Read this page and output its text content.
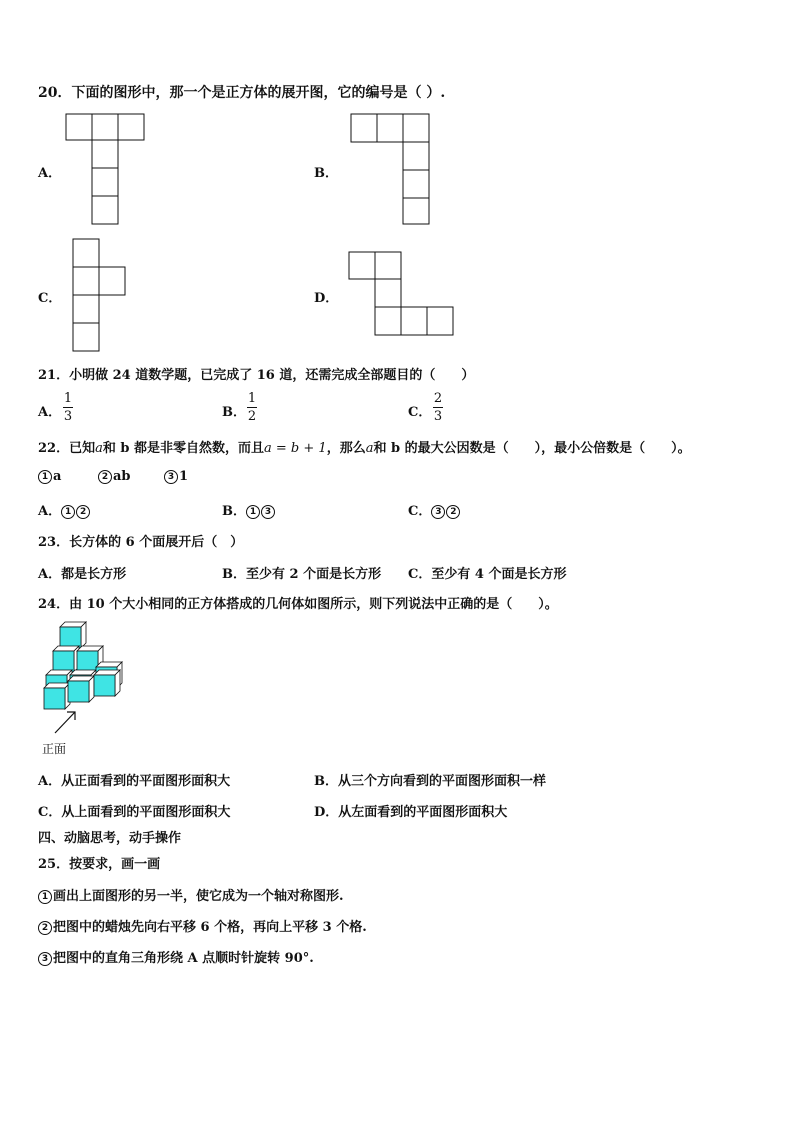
20．下面的图形中，那一个是正方体的展开图，它的编号是（ ）.
A．	B．
C．	D．
21．小明做 24 道数学题，已完成了 16 道，还需完成全部题目的（　　）
A．
1
3	B．
1
2	C．
2
3
22．已知a和 b 都是非零自然数，而且a = b + 1，那么a和 b 的最大公因数是（　　），最小公倍数是（　　）。
1 a	2 ab	3 1
A． 1 2	B． 1 3	C． 3 2
23．长方体的 6 个面展开后（　）
A．都是长方形	B．至少有 2 个面是长方形 C．至少有 4 个面是长方形
24．由 10 个大小相同的正方体搭成的几何体如图所示，则下列说法中正确的是（　　）。
正面
A．从正面看到的平面图形面积大	B．从三个方向看到的平面图形面积一样
C．从上面看到的平面图形面积大	D．从左面看到的平面图形面积大
四、动脑思考，动手操作
25．按要求，画一画
1 画出上面图形的另一半，使它成为一个轴对称图形.
2 把图中的蜡烛先向右平移 6 个格，再向上平移 3 个格.
3 把图中的直角三角形绕 A 点顺时针旋转 90°.
